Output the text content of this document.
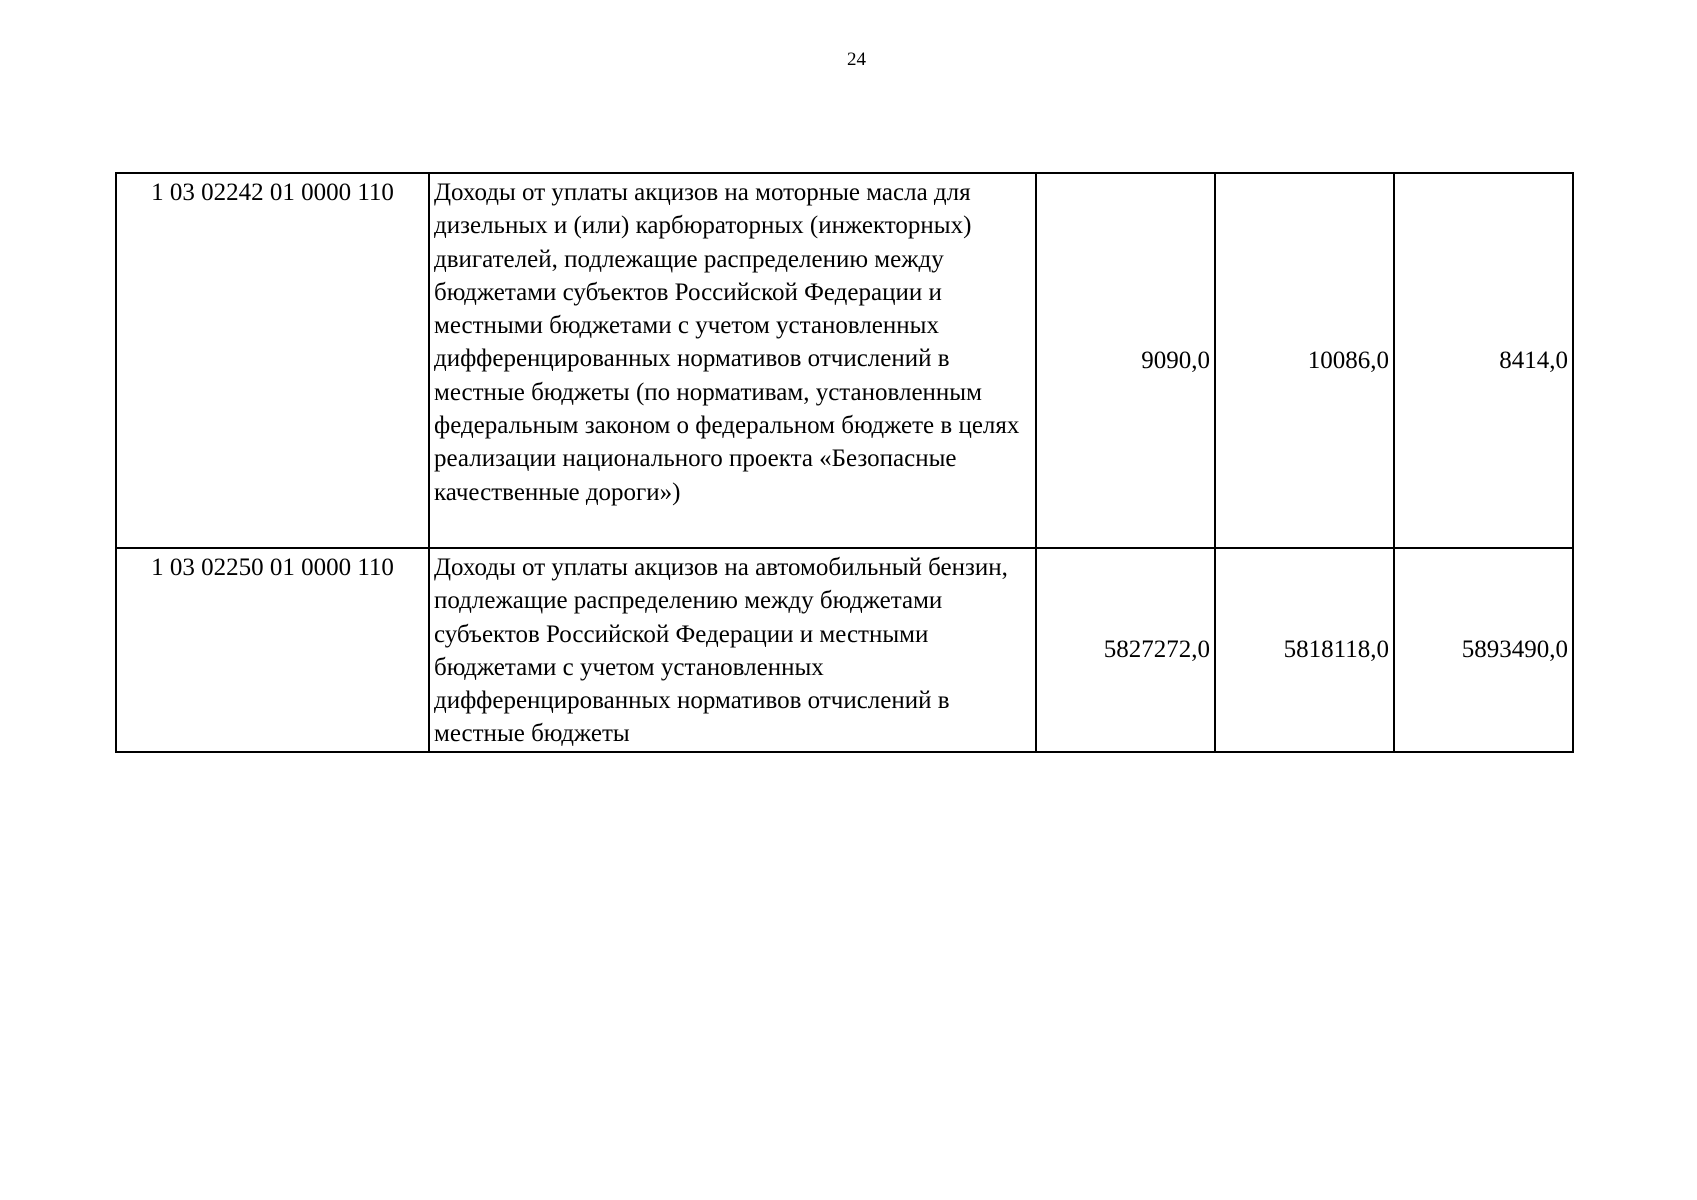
24
1 03 02242 01 0000 110	Доходы от уплаты акцизов на моторные масла для дизельных и (или) карбюраторных (инжекторных) двигателей, подлежащие распределению между бюджетами субъектов Российской Федерации и местными бюджетами с учетом установленных дифференцированных нормативов отчислений в местные бюджеты (по нормативам, установленным федеральным законом о федеральном бюджете в целях реализации национального проекта «Безопасные качественные дороги»)	9090,0	10086,0	8414,0
1 03 02250 01 0000 110	Доходы от уплаты акцизов на автомобильный бензин, подлежащие распределению между бюджетами субъектов Российской Федерации и местными бюджетами с учетом установленных дифференцированных нормативов отчислений в местные бюджеты	5827272,0	5818118,0	5893490,0
